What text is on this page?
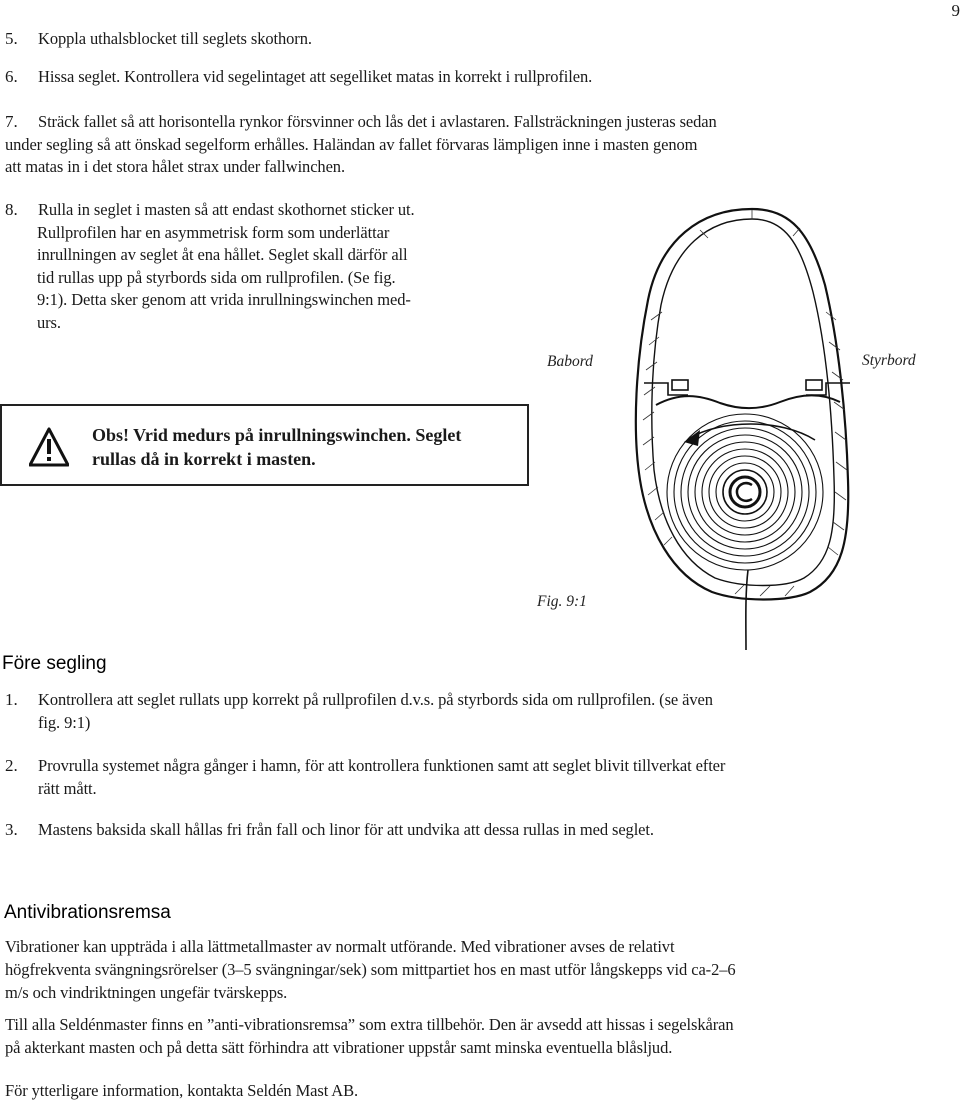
9
5. Koppla uthalsblocket till seglets skothorn.
6. Hissa seglet. Kontrollera vid segelintaget att segelliket matas in korrekt i rullprofilen.
7.	Sträck fallet så att horisontella rynkor försvinner och lås det i avlastaren. Fallsträckningen justeras sedan
under segling så att önskad segelform erhålles. Haländan av fallet förvaras lämpligen inne i masten genom
att matas in i det stora hålet strax under fallwinchen.
8.	Rulla in seglet i masten så att endast skothornet sticker ut.
Rullprofilen har en asymmetrisk form som underlättar
inrullningen av seglet åt ena hållet. Seglet skall därför all
tid rullas upp på styrbords sida om rullprofilen. (Se fig.
9:1). Detta sker genom att vrida inrullningswinchen med-
urs.
Obs! Vrid medurs på inrullningswinchen. Seglet
rullas då in korrekt i masten.
Babord	Styrbord
Fig. 9:1
Före segling
1. Kontrollera att seglet rullats upp korrekt på rullprofilen d.v.s. på styrbords sida om rullprofilen. (se även
fig. 9:1)
2. Provrulla systemet några gånger i hamn, för att kontrollera funktionen samt att seglet blivit tillverkat efter
rätt mått.
3. Mastens baksida skall hållas fri från fall och linor för att undvika att dessa rullas in med seglet.
Antivibrationsremsa
Vibrationer kan uppträda i alla lättmetallmaster av normalt utförande. Med vibrationer avses de relativt
högfrekventa svängningsrörelser (3–5 svängningar/sek) som mittpartiet hos en mast utför långskepps vid ca-2–6
m/s och vindriktningen ungefär tvärskepps.
Till alla Seldénmaster finns en ”anti-vibrationsremsa” som extra tillbehör. Den är avsedd att hissas i segelskåran
på akterkant masten och på detta sätt förhindra att vibrationer uppstår samt minska eventuella blåsljud.
För ytterligare information, kontakta Seldén Mast AB.
